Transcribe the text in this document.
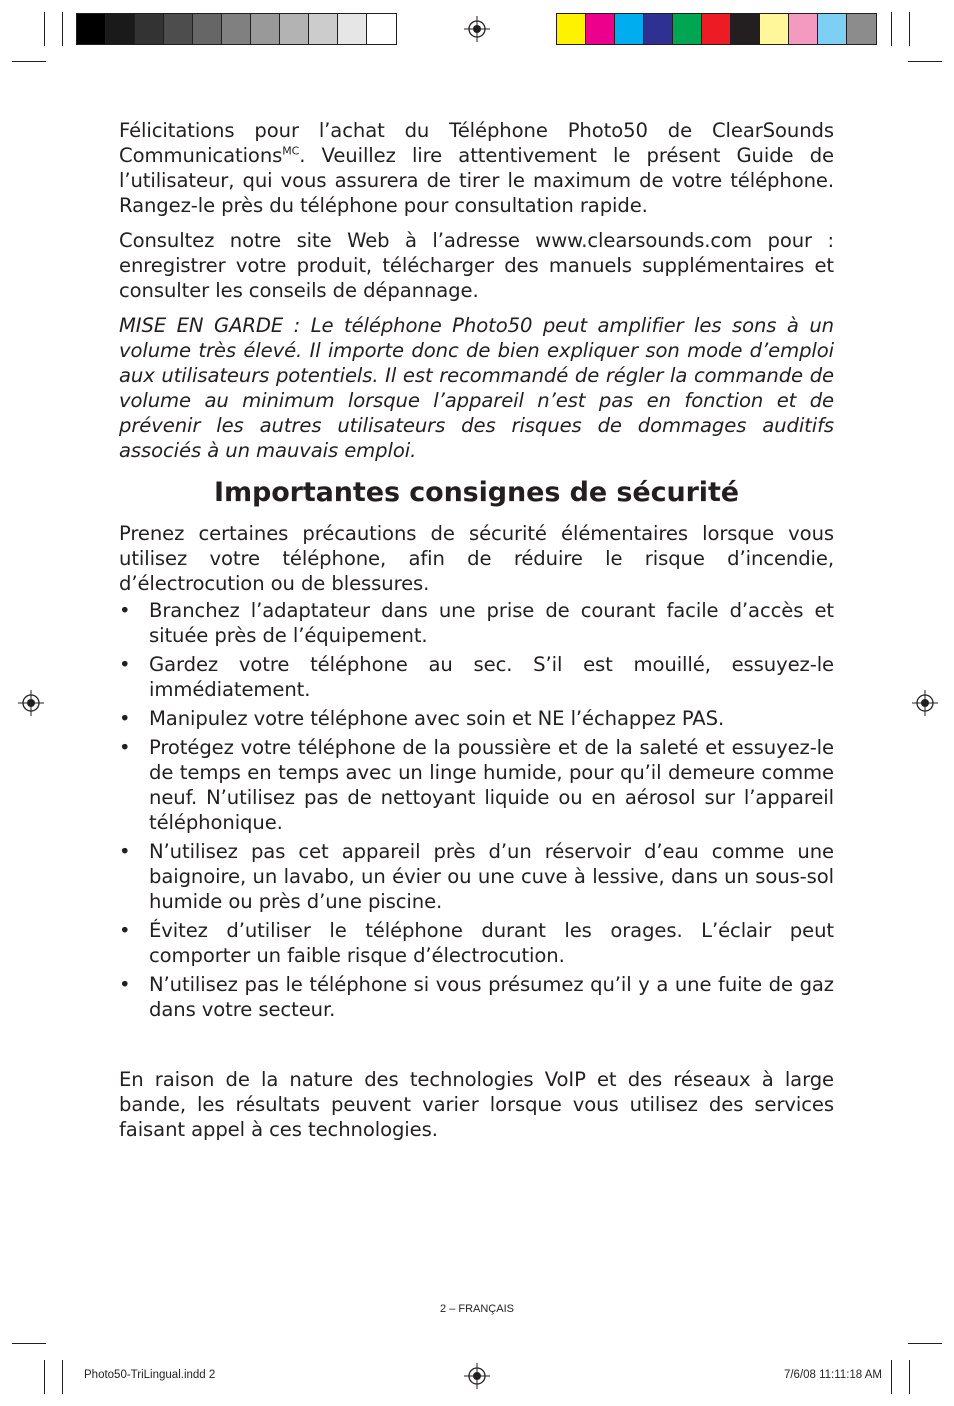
Félicitations pour l’achat du Téléphone Photo50 de ClearSounds Communications$^{MC}$. Veuillez lire attentivement le présent Guide de l’utilisateur, qui vous assurera de tirer le maximum de votre téléphone. Rangez-le près du téléphone pour consultation rapide.

Consultez notre site Web à l’adresse www.clearsounds.com pour : enregistrer votre produit, télécharger des manuels supplémentaires et consulter les conseils de dépannage.

MISE EN GARDE : Le téléphone Photo50 peut amplifier les sons à un volume très élevé. Il importe donc de bien expliquer son mode d’emploi aux utilisateurs potentiels. Il est recommandé de régler la commande de volume au minimum lorsque l’appareil n’est pas en fonction et de prévenir les autres utilisateurs des risques de dommages auditifs associés à un mauvais emploi.

Importantes consignes de sécurité

Prenez certaines précautions de sécurité élémentaires lorsque vous utilisez votre téléphone, afin de réduire le risque d’incendie, d’électrocution ou de blessures.

• Branchez l’adaptateur dans une prise de courant facile d’accès et située près de l’équipement.
• Gardez votre téléphone au sec. S’il est mouillé, essuyez-le immédiatement.
• Manipulez votre téléphone avec soin et NE l’échappez PAS.
• Protégez votre téléphone de la poussière et de la saleté et essuyez-le de temps en temps avec un linge humide, pour qu’il demeure comme neuf. N’utilisez pas de nettoyant liquide ou en aérosol sur l’appareil téléphonique.
• N’utilisez pas cet appareil près d’un réservoir d’eau comme une baignoire, un lavabo, un évier ou une cuve à lessive, dans un sous-sol humide ou près d’une piscine.
• Évitez d’utiliser le téléphone durant les orages. L’éclair peut comporter un faible risque d’électrocution.
• N’utilisez pas le téléphone si vous présumez qu’il y a une fuite de gaz dans votre secteur.

En raison de la nature des technologies VoIP et des réseaux à large bande, les résultats peuvent varier lorsque vous utilisez des services faisant appel à ces technologies.

2 – FRANÇAIS
Photo50-TriLingual.indd 2	7/6/08 11:11:18 AM
